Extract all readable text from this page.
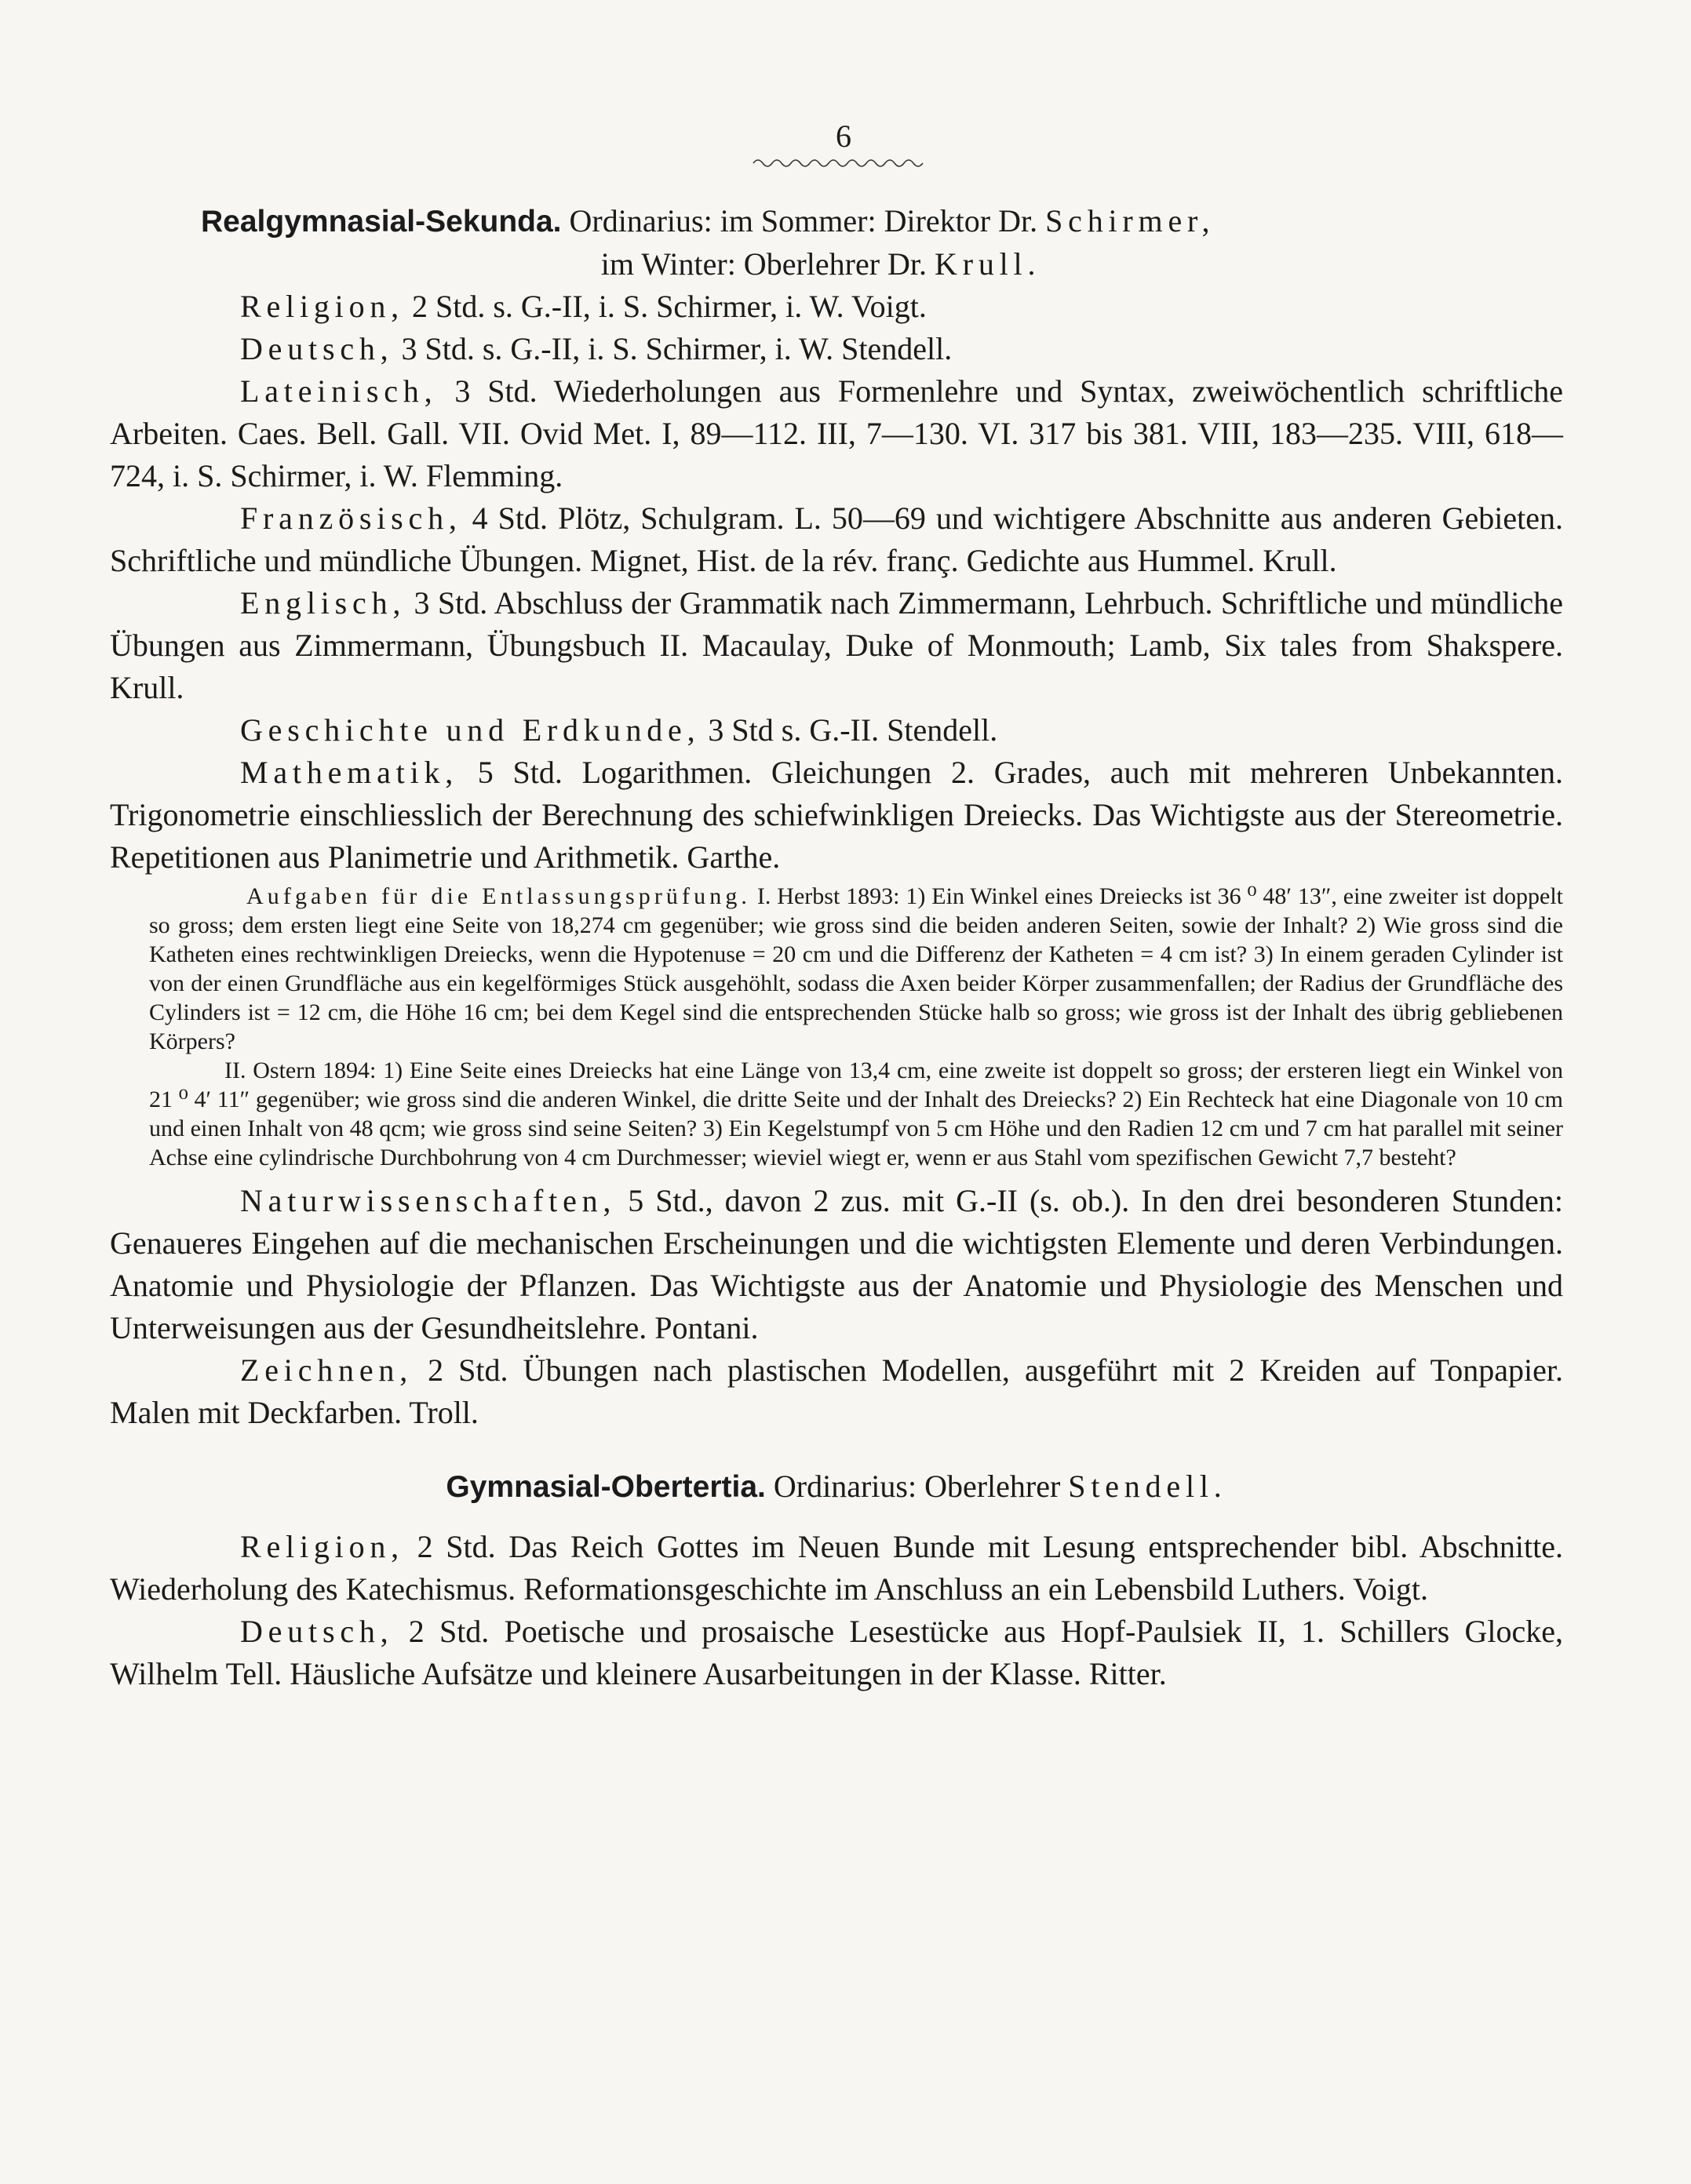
6

Realgymnasial-Sekunda. Ordinarius: im Sommer: Direktor Dr. Schirmer,

im Winter: Oberlehrer Dr. Krull.

Religion, 2 Std. s. G.-II, i. S. Schirmer, i. W. Voigt.

Deutsch, 3 Std. s. G.-II, i. S. Schirmer, i. W. Stendell.

Lateinisch, 3 Std. Wiederholungen aus Formenlehre und Syntax, zweiwöchentlich schriftliche Arbeiten. Caes. Bell. Gall. VII. Ovid Met. I, 89—112. III, 7—130. VI. 317 bis 381. VIII, 183—235. VIII, 618—724, i. S. Schirmer, i. W. Flemming.

Französisch, 4 Std. Plötz, Schulgram. L. 50—69 und wichtigere Abschnitte aus anderen Gebieten. Schriftliche und mündliche Übungen. Mignet, Hist. de la rév. franç. Gedichte aus Hummel. Krull.

Englisch, 3 Std. Abschluss der Grammatik nach Zimmermann, Lehrbuch. Schriftliche und mündliche Übungen aus Zimmermann, Übungsbuch II. Macaulay, Duke of Monmouth; Lamb, Six tales from Shakspere. Krull.

Geschichte und Erdkunde, 3 Std s. G.-II. Stendell.

Mathematik, 5 Std. Logarithmen. Gleichungen 2. Grades, auch mit mehreren Unbekannten. Trigonometrie einschliesslich der Berechnung des schiefwinkligen Dreiecks. Das Wichtigste aus der Stereometrie. Repetitionen aus Planimetrie und Arithmetik. Garthe.

Aufgaben für die Entlassungsprüfung. I. Herbst 1893: 1) Ein Winkel eines Dreiecks ist 36 ⁰ 48′ 13″, eine zweiter ist doppelt so gross; dem ersten liegt eine Seite von 18,274 cm gegenüber; wie gross sind die beiden anderen Seiten, sowie der Inhalt? 2) Wie gross sind die Katheten eines rechtwinkligen Dreiecks, wenn die Hypotenuse = 20 cm und die Differenz der Katheten = 4 cm ist? 3) In einem geraden Cylinder ist von der einen Grundfläche aus ein kegelförmiges Stück ausgehöhlt, sodass die Axen beider Körper zusammenfallen; der Radius der Grundfläche des Cylinders ist = 12 cm, die Höhe 16 cm; bei dem Kegel sind die entsprechenden Stücke halb so gross; wie gross ist der Inhalt des übrig gebliebenen Körpers?

II. Ostern 1894: 1) Eine Seite eines Dreiecks hat eine Länge von 13,4 cm, eine zweite ist doppelt so gross; der ersteren liegt ein Winkel von 21 ⁰ 4′ 11″ gegenüber; wie gross sind die anderen Winkel, die dritte Seite und der Inhalt des Dreiecks? 2) Ein Rechteck hat eine Diagonale von 10 cm und einen Inhalt von 48 qcm; wie gross sind seine Seiten? 3) Ein Kegelstumpf von 5 cm Höhe und den Radien 12 cm und 7 cm hat parallel mit seiner Achse eine cylindrische Durchbohrung von 4 cm Durchmesser; wieviel wiegt er, wenn er aus Stahl vom spezifischen Gewicht 7,7 besteht?

Naturwissenschaften, 5 Std., davon 2 zus. mit G.-II (s. ob.). In den drei besonderen Stunden: Genaueres Eingehen auf die mechanischen Erscheinungen und die wichtigsten Elemente und deren Verbindungen. Anatomie und Physiologie der Pflanzen. Das Wichtigste aus der Anatomie und Physiologie des Menschen und Unterweisungen aus der Gesundheitslehre. Pontani.

Zeichnen, 2 Std. Übungen nach plastischen Modellen, ausgeführt mit 2 Kreiden auf Tonpapier. Malen mit Deckfarben. Troll.

Gymnasial-Obertertia. Ordinarius: Oberlehrer Stendell.

Religion, 2 Std. Das Reich Gottes im Neuen Bunde mit Lesung entsprechender bibl. Abschnitte. Wiederholung des Katechismus. Reformationsgeschichte im Anschluss an ein Lebensbild Luthers. Voigt.

Deutsch, 2 Std. Poetische und prosaische Lesestücke aus Hopf-Paulsiek II, 1. Schillers Glocke, Wilhelm Tell. Häusliche Aufsätze und kleinere Ausarbeitungen in der Klasse. Ritter.
